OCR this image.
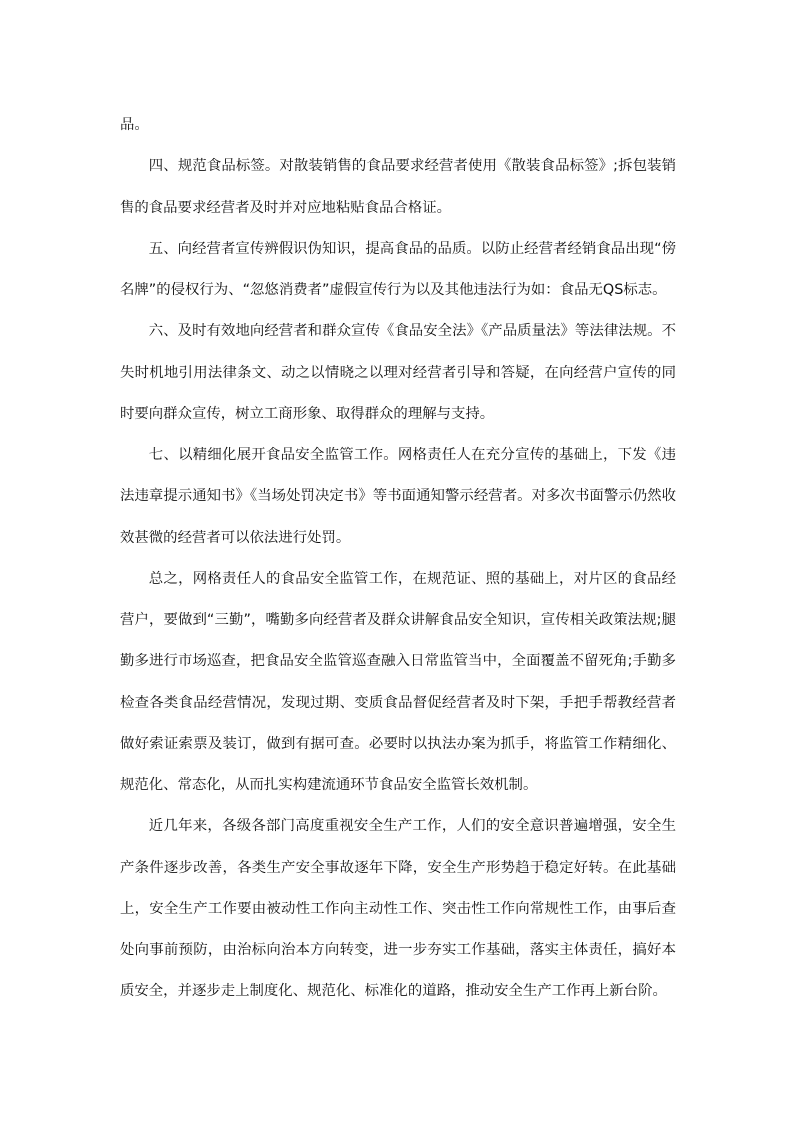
品。

四、规范食品标签。对散装销售的食品要求经营者使用《散装食品标签》;拆包装销售的食品要求经营者及时并对应地粘贴食品合格证。

五、向经营者宣传辨假识伪知识，提高食品的品质。以防止经营者经销食品出现“傍名牌”的侵权行为、“忽悠消费者”虚假宣传行为以及其他违法行为如：食品无QS标志。

六、及时有效地向经营者和群众宣传《食品安全法》《产品质量法》等法律法规。不失时机地引用法律条文、动之以情晓之以理对经营者引导和答疑，在向经营户宣传的同时要向群众宣传，树立工商形象、取得群众的理解与支持。

七、以精细化展开食品安全监管工作。网格责任人在充分宣传的基础上，下发《违法违章提示通知书》《当场处罚决定书》等书面通知警示经营者。对多次书面警示仍然收效甚微的经营者可以依法进行处罚。

总之，网格责任人的食品安全监管工作，在规范证、照的基础上，对片区的食品经营户，要做到“三勤”，嘴勤多向经营者及群众讲解食品安全知识，宣传相关政策法规;腿勤多进行市场巡查，把食品安全监管巡查融入日常监管当中，全面覆盖不留死角;手勤多检查各类食品经营情况，发现过期、变质食品督促经营者及时下架，手把手帮教经营者做好索证索票及装订，做到有据可查。必要时以执法办案为抓手，将监管工作精细化、规范化、常态化，从而扎实构建流通环节食品安全监管长效机制。

近几年来，各级各部门高度重视安全生产工作，人们的安全意识普遍增强，安全生产条件逐步改善，各类生产安全事故逐年下降，安全生产形势趋于稳定好转。在此基础上，安全生产工作要由被动性工作向主动性工作、突击性工作向常规性工作，由事后查处向事前预防，由治标向治本方向转变，进一步夯实工作基础，落实主体责任，搞好本质安全，并逐步走上制度化、规范化、标准化的道路，推动安全生产工作再上新台阶。
